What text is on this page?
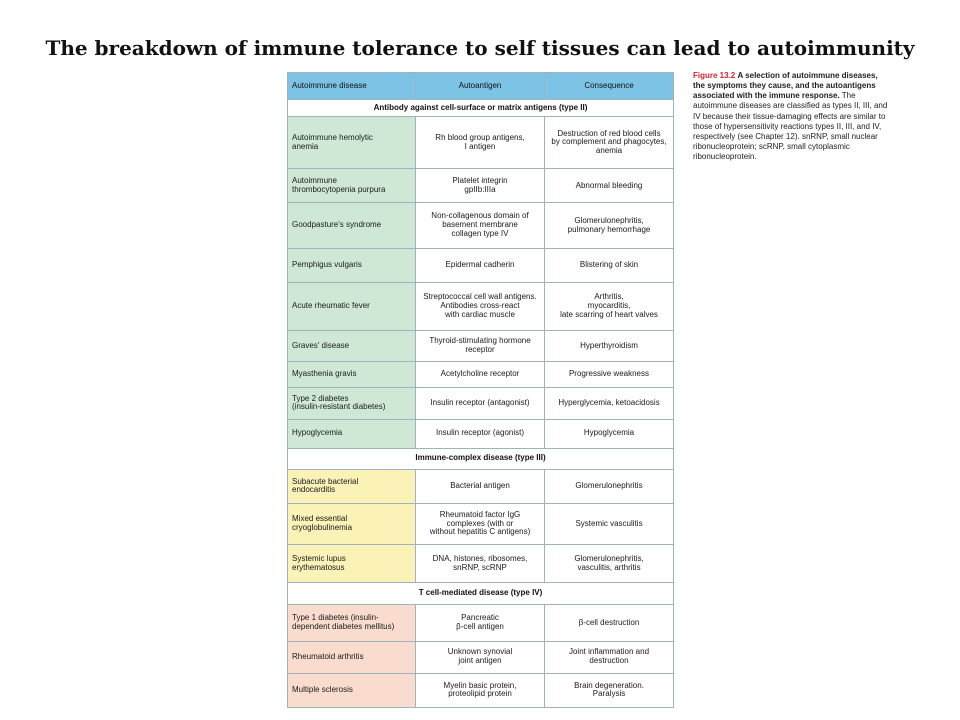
The breakdown of immune tolerance to self tissues can lead to autoimmunity
Autoimmune disease	Autoantigen	Consequence
Antibody against cell-surface or matrix antigens (type II)		

Autoimmune hemolytic
anemia	Rh blood group antigens,
I antigen	Destruction of red blood cells
by complement and phagocytes,
anemia

Autoimmune
thrombocytopenia purpura	Platelet integrin
gpIIb:IIIa	Abnormal bleeding

Goodpasture's syndrome	Non-collagenous domain of
basement membrane
collagen type IV	Glomerulonephritis,
pulmonary hemorrhage

Pemphigus vulgaris	Epidermal cadherin	Blistering of skin

Acute rheumatic fever	Streptococcal cell wall antigens.
Antibodies cross-react
with cardiac muscle	Arthritis,
myocarditis,
late scarring of heart valves

Graves' disease	Thyroid-stimulating hormone
receptor	Hyperthyroidism

Myasthenia gravis	Acetylcholine receptor	Progressive weakness

Type 2 diabetes
(insulin-resistant diabetes)	Insulin receptor (antagonist)	Hyperglycemia, ketoacidosis

Hypoglycemia	Insulin receptor (agonist)	Hypoglycemia

Immune-complex disease (type III)		

Subacute bacterial
endocarditis	Bacterial antigen	Glomerulonephritis

Mixed essential
cryoglobulinemia	Rheumatoid factor IgG
complexes (with or
without hepatitis C antigens)	Systemic vasculitis

Systemic lupus
erythematosus	DNA, histones, ribosomes,
snRNP, scRNP	Glomerulonephritis,
vasculitis, arthritis

T cell-mediated disease (type IV)		

Type 1 diabetes (insulin-
dependent diabetes mellitus)	Pancreatic
β-cell antigen	β-cell destruction

Rheumatoid arthritis	Unknown synovial
joint antigen	Joint inflammation and
destruction

Multiple sclerosis	Myelin basic protein,
proteolipid protein	Brain degeneration.
Paralysis
Figure 13.2 A selection of autoimmune diseases, the symptoms they cause, and the autoantigens associated with the immune response. The autoimmune diseases are classified as types II, III, and IV because their tissue-damaging effects are similar to those of hypersensitivity reactions types II, III, and IV, respectively (see Chapter 12). snRNP, small nuclear ribonucleoprotein; scRNP, small cytoplasmic ribonucleoprotein.
